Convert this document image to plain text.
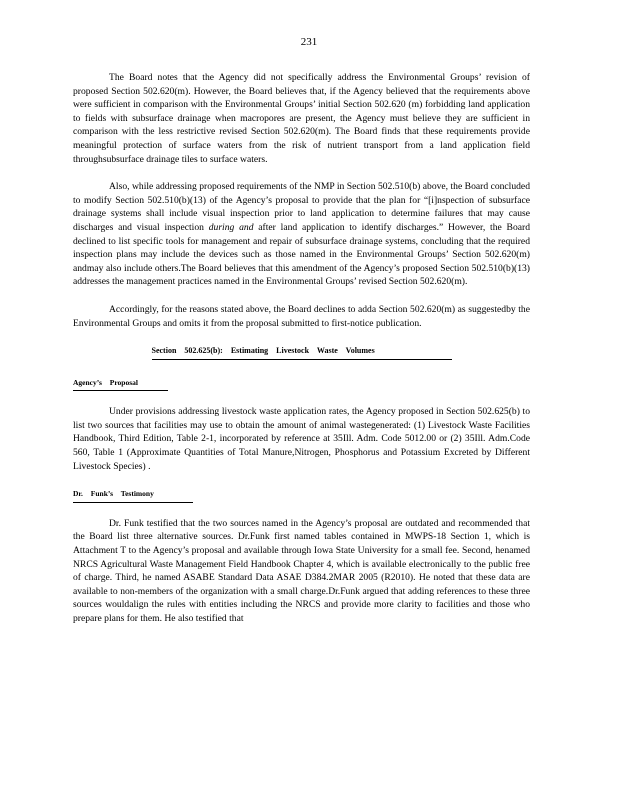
231

The Board notes that the Agency did not specifically address the Environmental Groups’ revision of proposed Section 502.620(m). However, the Board believes that, if the Agency believed that the requirements above were sufficient in comparison with the Environmental Groups’ initial Section 502.620 (m) forbidding land application to fields with subsurface drainage when macropores are present, the Agency must believe they are sufficient in comparison with the less restrictive revised Section 502.620(m). The Board finds that these requirements provide meaningful protection of surface waters from the risk of nutrient transport from a land application field throughsubsurface drainage tiles to surface waters.

Also, while addressing proposed requirements of the NMP in Section 502.510(b) above, the Board concluded to modify Section 502.510(b)(13) of the Agency’s proposal to provide that the plan for “[i]nspection of subsurface drainage systems shall include visual inspection prior to land application to determine failures that may cause discharges and visual inspection during and after land application to identify discharges.” However, the Board declined to list specific tools for management and repair of subsurface drainage systems, concluding that the required inspection plans may include the devices such as those named in the Environmental Groups’ Section 502.620(m) andmay also include others.The Board believes that this amendment of the Agency’s proposed Section 502.510(b)(13) addresses the management practices named in the Environmental Groups’ revised Section 502.620(m).

Accordingly, for the reasons stated above, the Board declines to adda Section 502.620(m) as suggestedby the Environmental Groups and omits it from the proposal submitted to first-notice publication.

Section 502.625(b): Estimating Livestock Waste Volumes
Agency’s Proposal

Under provisions addressing livestock waste application rates, the Agency proposed in Section 502.625(b) to list two sources that facilities may use to obtain the amount of animal wastegenerated: (1) Livestock Waste Facilities Handbook, Third Edition, Table 2-1, incorporated by reference at 35Ill. Adm. Code 5012.00 or (2) 35Ill. Adm.Code 560, Table 1 (Approximate Quantities of Total Manure,Nitrogen, Phosphorus and Potassium Excreted by Different Livestock Species) .

Dr. Funk’s Testimony

Dr. Funk testified that the two sources named in the Agency’s proposal are outdated and recommended that the Board list three alternative sources. Dr.Funk first named tables contained in MWPS-18 Section 1, which is Attachment T to the Agency’s proposal and available through Iowa State University for a small fee. Second, henamed NRCS Agricultural Waste Management Field Handbook Chapter 4, which is available electronically to the public free of charge. Third, he named ASABE Standard Data ASAE D384.2MAR 2005 (R2010). He noted that these data are available to non-members of the organization with a small charge.Dr.Funk argued that adding references to these three sources wouldalign the rules with entities including the NRCS and provide more clarity to facilities and those who prepare plans for them. He also testified that
